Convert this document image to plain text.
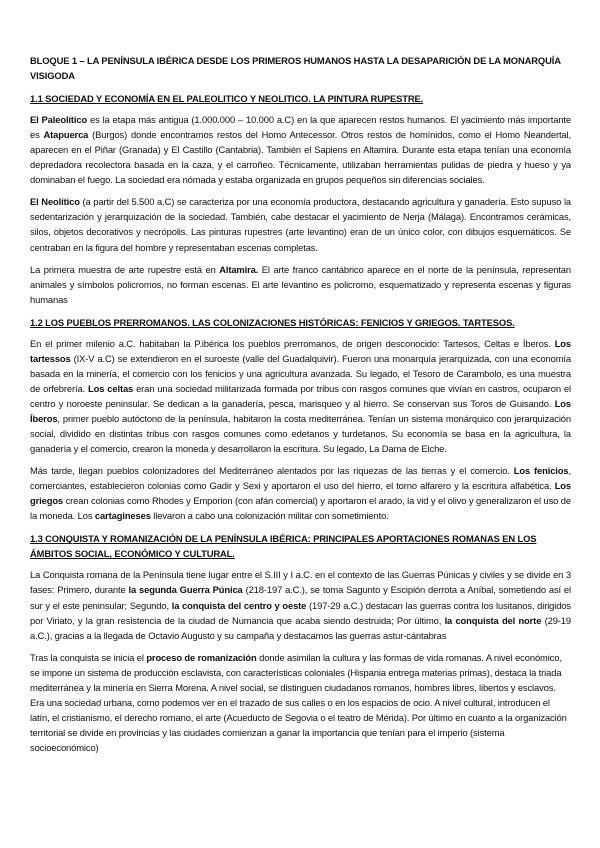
BLOQUE 1 – LA PENÍNSULA IBÉRICA DESDE LOS PRIMEROS HUMANOS HASTA LA DESAPARICIÓN DE LA MONARQUÍA VISIGODA
1.1 SOCIEDAD Y ECONOMÍA EN EL PALEOLITICO Y NEOLITICO. LA PINTURA RUPESTRE.

El Paleolítico es la etapa más antigua (1.000.000 – 10.000 a.C) en la que aparecen restos humanos. El yacimiento más importante es Atapuerca (Burgos) donde encontramos restos del Homo Antecessor. Otros restos de homínidos, como el Homo Neandertal, aparecen en el Piñar (Granada) y El Castillo (Cantabria). También el Sapiens en Altamira. Durante esta etapa tenían una economía depredadora recolectora basada en la caza, y el carroñeo. Técnicamente, utilizaban herramientas pulidas de piedra y hueso y ya dominaban el fuego. La sociedad era nómada y estaba organizada en grupos pequeños sin diferencias sociales.

El Neolítico (a partir del 5.500 a.C) se caracteriza por una economía productora, destacando agricultura y ganadería. Esto supuso la sedentarización y jerarquización de la sociedad. También, cabe destacar el yacimiento de Nerja (Málaga). Encontramos cerámicas, silos, objetos decorativos y necrópolis. Las pinturas rupestres (arte levantino) eran de un único color, con dibujos esquemáticos. Se centraban en la figura del hombre y representaban escenas completas.

La primera muestra de arte rupestre está en Altamira. El arte franco cantábrico aparece en el norte de la península, representan animales y símbolos policromos, no forman escenas. El arte levantino es policromo, esquematizado y representa escenas y figuras humanas

1.2 LOS PUEBLOS PRERROMANOS. LAS COLONIZACIONES HISTÓRICAS: FENICIOS Y GRIEGOS. TARTESOS.

En el primer milenio a.C. habitaban la P.ibérica los pueblos prerromanos, de origen desconocido: Tartesos, Celtas e Íberos. Los tartessos (IX-V a.C) se extendieron en el suroeste (valle del Guadalquivir). Fueron una monarquía jerarquizada, con una economía basada en la minería, el comercio con los fenicios y una agricultura avanzada. Su legado, el Tesoro de Carambolo, es una muestra de orfebrería. Los celtas eran una sociedad militarizada formada por tribus con rasgos comunes que vivían en castros, ocuparon el centro y noroeste peninsular. Se dedican a la ganadería, pesca, marisqueo y al hierro. Se conservan sus Toros de Guisando. Los Íberos, primer pueblo autóctono de la península, habitaron la costa mediterránea. Tenían un sistema monárquico con jerarquización social, dividido en distintas tribus con rasgos comunes como edetanos y turdetanos. Su economía se basa en la agricultura, la ganadería y el comercio, crearon la moneda y desarrollaron la escritura. Su legado, La Dama de Elche.

Más tarde, llegan pueblos colonizadores del Mediterráneo alentados por las riquezas de las tierras y el comercio. Los fenicios, comerciantes, establecieron colonias como Gadir y Sexi y aportaron el uso del hierro, el torno alfarero y la escritura alfabética. Los griegos crean colonias como Rhodes y Emporion (con afán comercial) y aportaron el arado, la vid y el olivo y generalizaron el uso de la moneda. Los cartagineses llevaron a cabo una colonización militar con sometimiento.

1.3 CONQUISTA Y ROMANIZACIÓN DE LA PENÍNSULA IBÉRICA: PRINCIPALES APORTACIONES ROMANAS EN LOS ÁMBITOS SOCIAL, ECONÓMICO Y CULTURAL.

La Conquista romana de la Península tiene lugar entre el S.III y I a.C. en el contexto de las Guerras Púnicas y civiles y se divide en 3 fases: Primero, durante la segunda Guerra Púnica (218-197 a.C.), se toma Sagunto y Escipión derrota a Aníbal, sometiendo así el sur y el este peninsular; Segundo, la conquista del centro y oeste (197-29 a.C.) destacan las guerras contra los lusitanos, dirigidos por Viriato, y la gran resistencia de la ciudad de Numancia que acaba siendo destruida; Por último, la conquista del norte (29-19 a.C.), gracias a la llegada de Octavio Augusto y su campaña y destacamos las guerras astur-cántabras

Tras la conquista se inicia el proceso de romanización donde asimilan la cultura y las formas de vida romanas. A nivel económico, se impone un sistema de producción esclavista, con características coloniales (Hispania entrega materias primas), destaca la triada mediterránea y la minería en Sierra Morena. A nivel social, se distinguen ciudadanos romanos, hombres libres, libertos y esclavos. Era una sociedad urbana, como podemos ver en el trazado de sus calles o en los espacios de ocio. A nivel cultural, introducen el latín, el cristianismo, el derecho romano, el arte (Acueducto de Segovia o el teatro de Mérida). Por último en cuanto a la organización territorial se divide en provincias y las ciudades comienzan a ganar la importancia que tenían para el imperio (sistema socioeconómico)
